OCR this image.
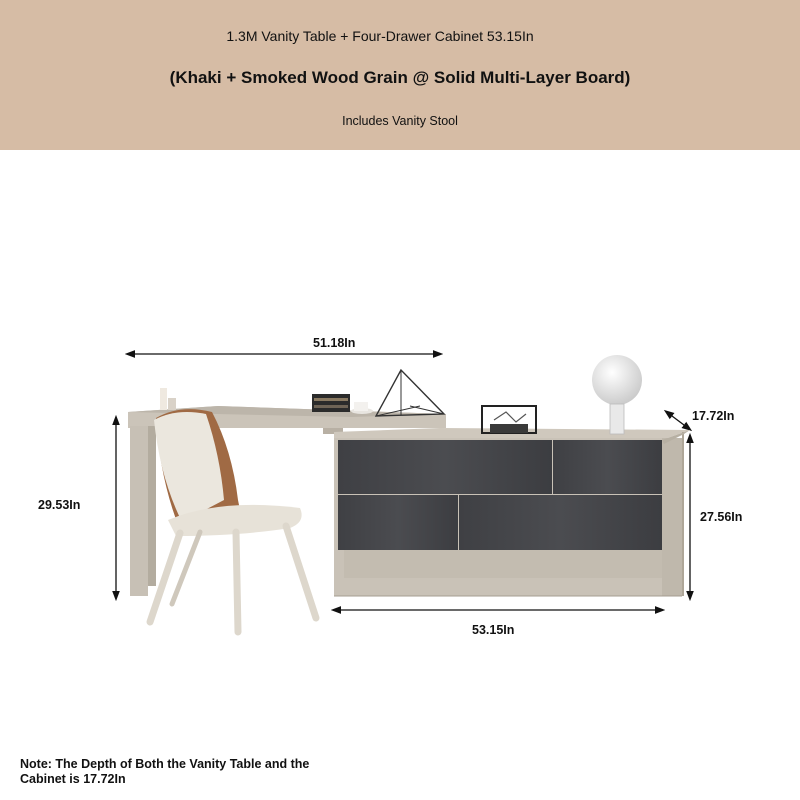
1.3M Vanity Table + Four-Drawer Cabinet 53.15In
(Khaki + Smoked Wood Grain @ Solid Multi-Layer Board)
Includes Vanity Stool
51.18In
17.72In
29.53In
27.56In
53.15In
Note: The Depth of Both the Vanity Table and the Cabinet is 17.72In
